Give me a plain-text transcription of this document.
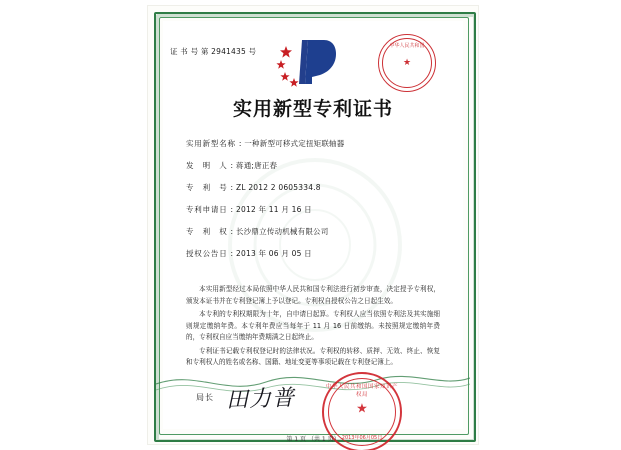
证 书 号 第 2941435 号
中华人民共和国
★
实用新型专利证书
实用新型名称 : 一种新型可移式定扭矩联轴器
发　明　人 : 蒋通;唐正春
专　利　号 : ZL 2012 2 0605334.8
专利申请日 : 2012 年 11 月 16 日
专　利　权 : 长沙鼎立传动机械有限公司
授权公告日 : 2013 年 06 月 05 日

本实用新型经过本局依照中华人民共和国专利法进行初步审查，决定授予专利权，颁发本证书并在专利登记簿上予以登记。专利权自授权公告之日起生效。

本专利的专利权期限为十年，自申请日起算。专利权人应当依照专利法及其实施细则规定缴纳年费。本专利年费应当每年于 11 月 16 日前缴纳。未按照规定缴纳年费的，专利权自应当缴纳年费期满之日起终止。

专利证书记载专利权登记时的法律状况。专利权的转移、质押、无效、终止、恢复和专利权人的姓名或名称、国籍、地址变更等事项记载在专利登记簿上。

局长 田力普	中华人民共和国国家知识产权局
★
2013年06月05日
第 1 页 （共 1 页）
